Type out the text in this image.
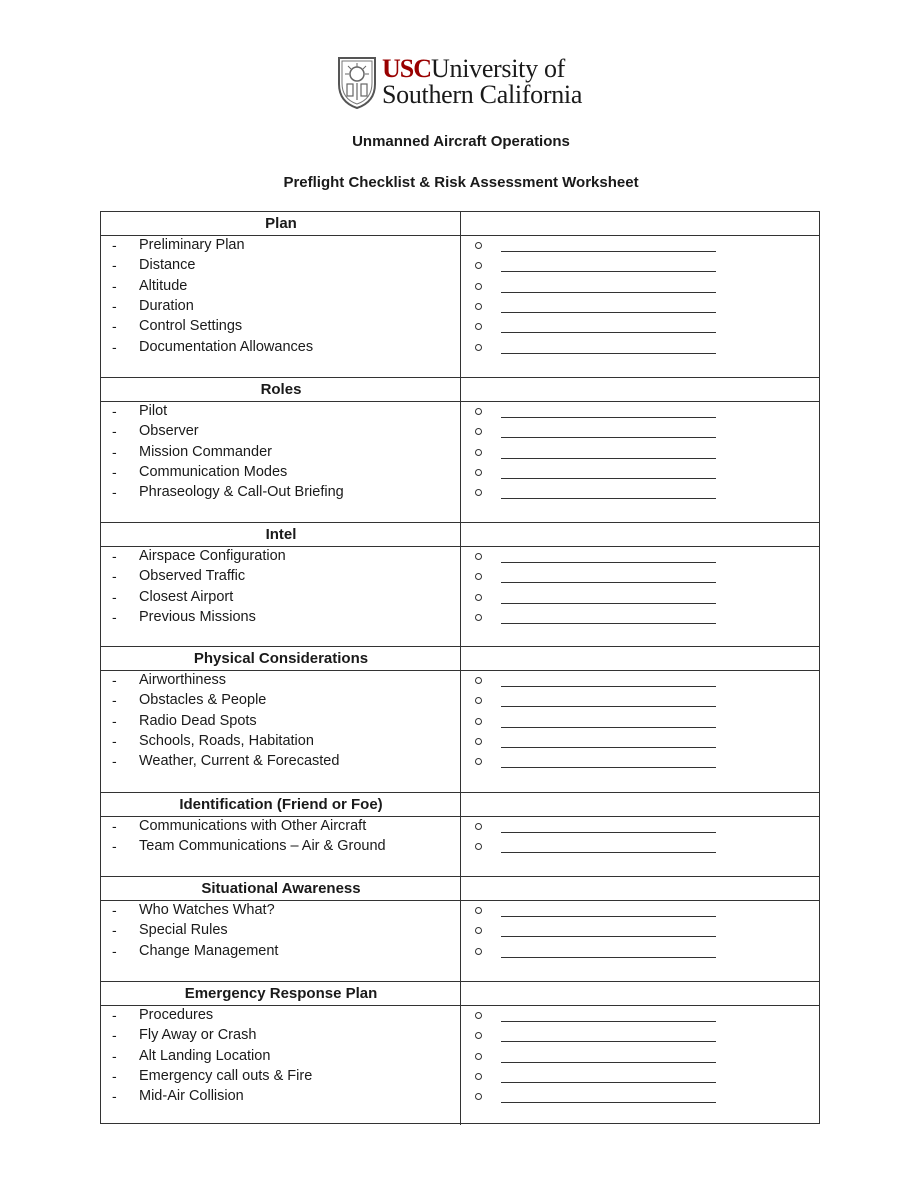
USCUniversity of
Southern California
Unmanned Aircraft Operations
Preflight Checklist & Risk Assessment Worksheet
Plan
- Preliminary Plan
- Distance
- Altitude
- Duration
- Control Settings
- Documentation Allowances
Roles
- Pilot
- Observer
- Mission Commander
- Communication Modes
- Phraseology & Call-Out Briefing
Intel
- Airspace Configuration
- Observed Traffic
- Closest Airport
- Previous Missions
Physical Considerations
- Airworthiness
- Obstacles & People
- Radio Dead Spots
- Schools, Roads, Habitation
- Weather, Current & Forecasted
Identification (Friend or Foe)
- Communications with Other Aircraft
- Team Communications – Air & Ground
Situational Awareness
- Who Watches What?
- Special Rules
- Change Management
Emergency Response Plan
- Procedures
- Fly Away or Crash
- Alt Landing Location
- Emergency call outs & Fire
- Mid-Air Collision
